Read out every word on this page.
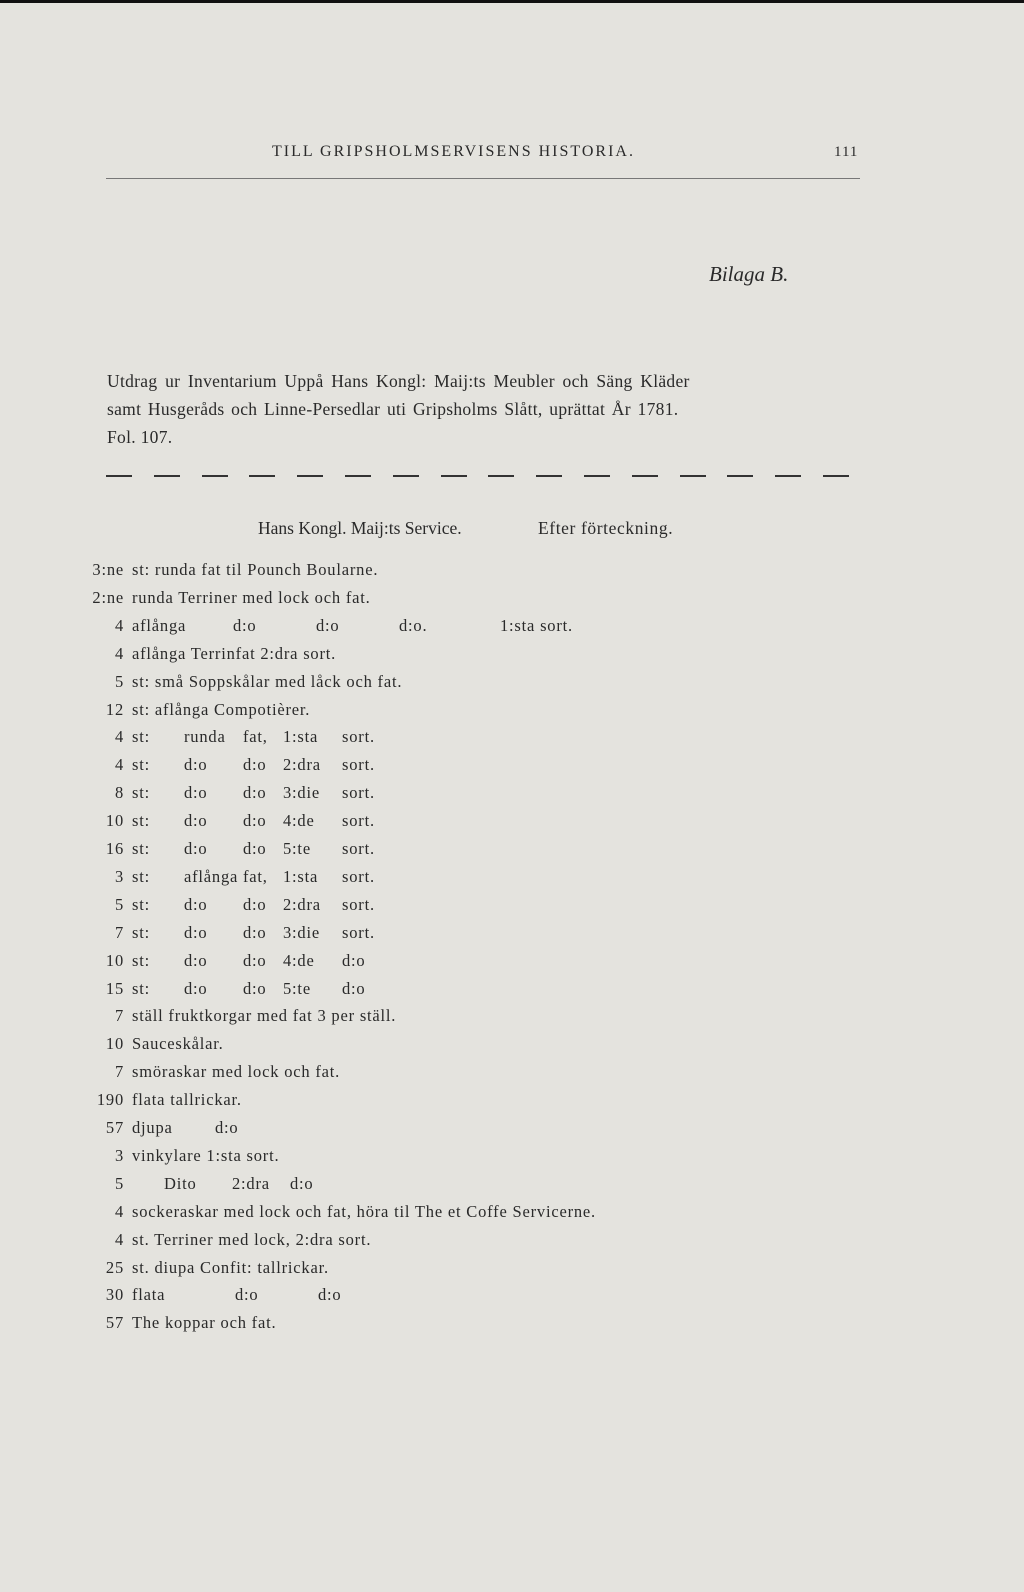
TILL GRIPSHOLMSERVISENS HISTORIA.	111
Bilaga B.
Utdrag ur Inventarium Uppå Hans Kongl: Maij:ts Meubler och Säng Kläder
samt Husgeråds och Linne-Persedlar uti Gripsholms Slått, uprättat År 1781.
Fol. 107.
Hans Kongl. Maij:ts Service.	Efter förteckning.
3:ne st: runda fat til Pounch Boularne.
2:ne runda Terriner med lock och fat.
4 aflånga	d:o	d:o	d:o.	1:sta sort.
4 aflånga Terrinfat 2:dra sort.
5 st: små Soppskålar med låck och fat.
12 st: aflånga Compotièrer.
4 st: runda fat, 1:sta sort.
4 st: d:o d:o 2:dra sort.
8 st: d:o d:o 3:die sort.
10 st: d:o d:o 4:de sort.
16 st: d:o d:o 5:te sort.
3 st: aflånga fat, 1:sta sort.
5 st: d:o d:o 2:dra sort.
7 st: d:o d:o 3:die sort.
10 st: d:o d:o 4:de d:o
15 st: d:o d:o 5:te d:o
7 ställ fruktkorgar med fat 3 per ställ.
10 Sauceskålar.
7 smöraskar med lock och fat.
190 flata tallrickar.
57 djupa	d:o
3 vinkylare 1:sta sort.
5 Dito 2:dra d:o
4 sockeraskar med lock och fat, höra til The et Coffe Servicerne.
4 st. Terriner med lock, 2:dra sort.
25 st. diupa Confit: tallrickar.
30 flata	d:o	d:o
57 The koppar och fat.
